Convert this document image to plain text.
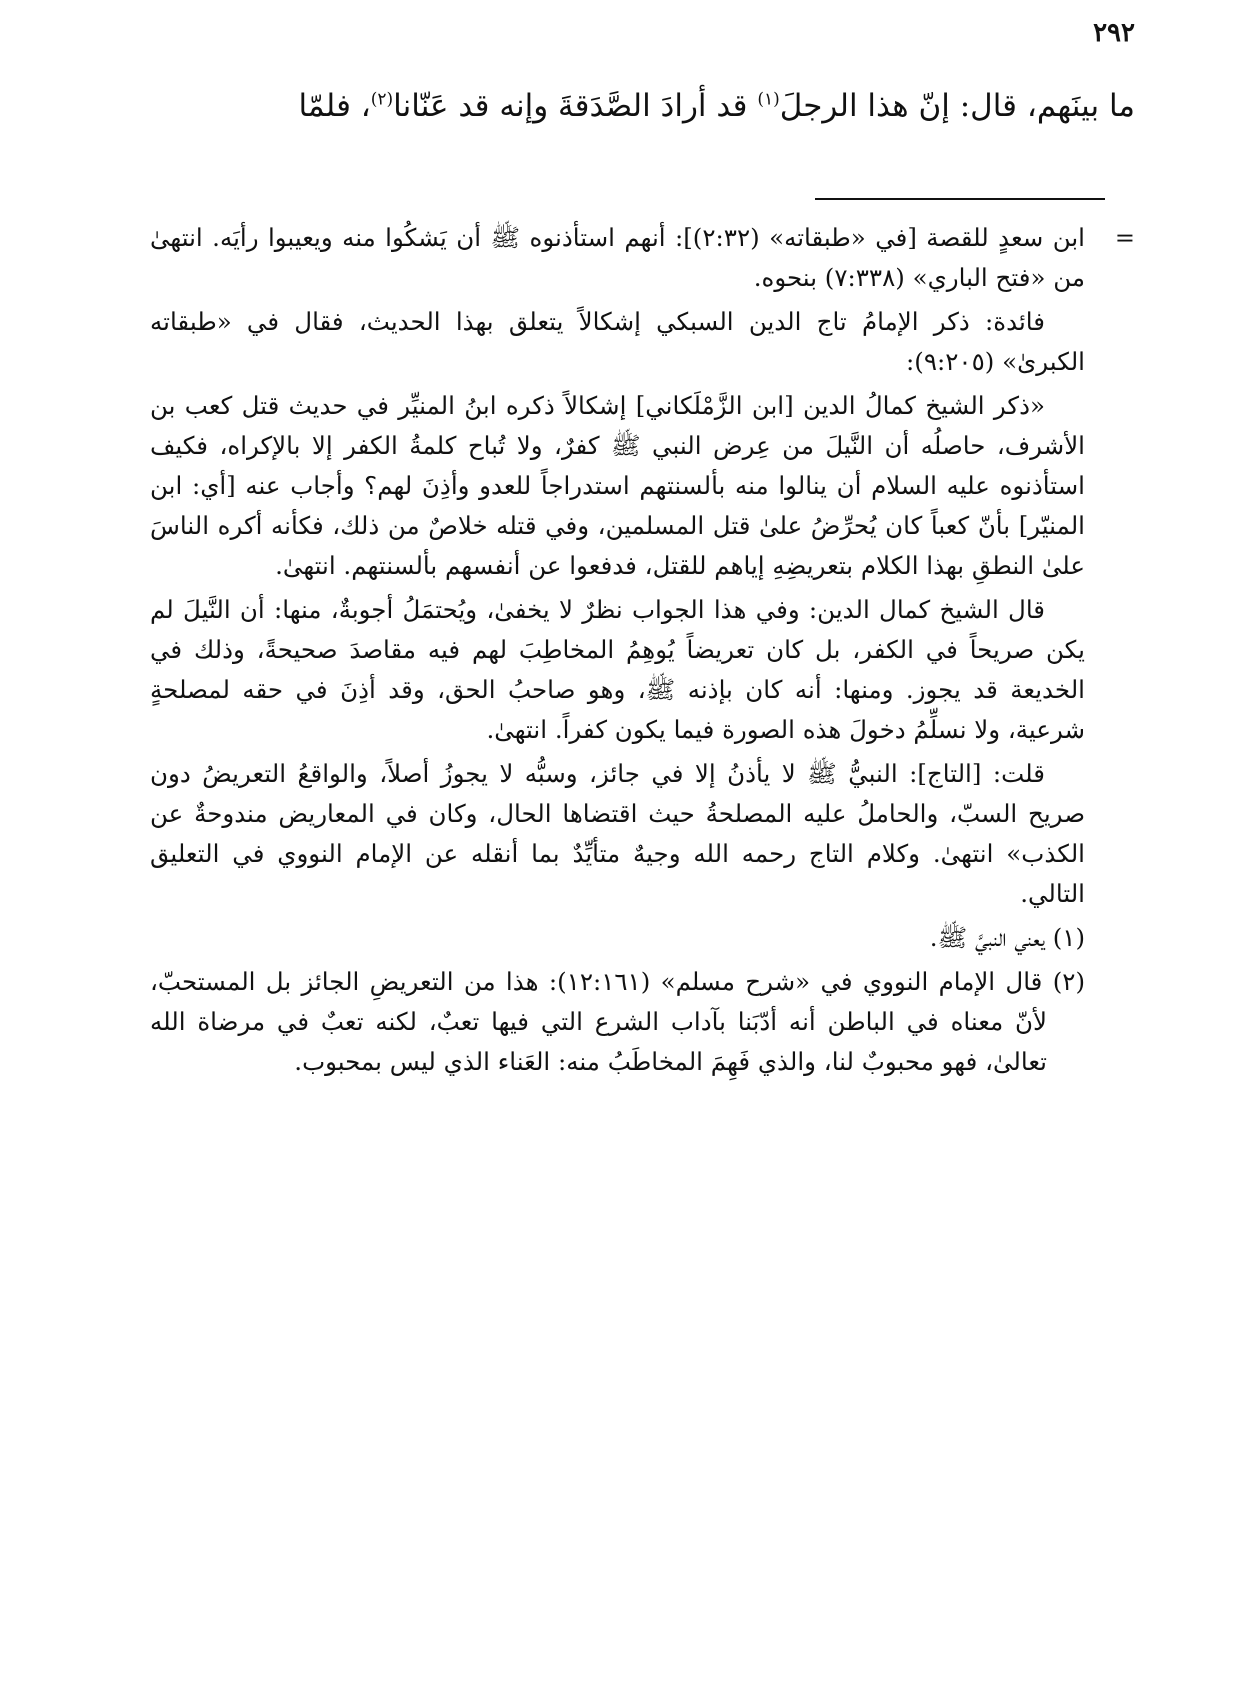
٢٩٢
ما بينَهم، قال: إنّ هذا الرجلَ$^{(١)}$ قد أرادَ الصَّدَقةَ وإنه قد عَنّانا$^{(٢)}$، فلمّا
=

ابن سعدٍ للقصة [في «طبقاته» (٢:٣٢)]: أنهم استأذنوه ﷺ أن يَشكُوا منه ويعيبوا رأيَه. انتهىٰ من «فتح الباري» (٧:٣٣٨) بنحوه.

فائدة: ذكر الإمامُ تاج الدين السبكي إشكالاً يتعلق بهذا الحديث، فقال في «طبقاته الكبرىٰ» (٩:٢٠٥):

«ذكر الشيخ كمالُ الدين [ابن الزَّمْلَكاني] إشكالاً ذكره ابنُ المنيِّر في حديث قتل كعب بن الأشرف، حاصلُه أن النَّيلَ من عِرض النبي ﷺ كفرٌ، ولا تُباح كلمةُ الكفر إلا بالإكراه، فكيف استأذنوه عليه السلام أن ينالوا منه بألسنتهم استدراجاً للعدو وأذِنَ لهم؟ وأجاب عنه [أي: ابن المنيّر] بأنّ كعباً كان يُحرِّضُ علىٰ قتل المسلمين، وفي قتله خلاصٌ من ذلك، فكأنه أكره الناسَ علىٰ النطقِ بهذا الكلام بتعريضِهِ إياهم للقتل، فدفعوا عن أنفسهم بألسنتهم. انتهىٰ.

قال الشيخ كمال الدين: وفي هذا الجواب نظرٌ لا يخفىٰ، ويُحتمَلُ أجوبةٌ، منها: أن النَّيلَ لم يكن صريحاً في الكفر، بل كان تعريضاً يُوهِمُ المخاطِبَ لهم فيه مقاصدَ صحيحةً، وذلك في الخديعة قد يجوز. ومنها: أنه كان بإذنه ﷺ، وهو صاحبُ الحق، وقد أذِنَ في حقه لمصلحةٍ شرعية، ولا نسلِّمُ دخولَ هذه الصورة فيما يكون كفراً. انتهىٰ.

قلت: [التاج]: النبيُّ ﷺ لا يأذنُ إلا في جائز، وسبُّه لا يجوزُ أصلاً، والواقعُ التعريضُ دون صريح السبّ، والحاملُ عليه المصلحةُ حيث اقتضاها الحال، وكان في المعاريض مندوحةٌ عن الكذب» انتهىٰ. وكلام التاج رحمه الله وجيهٌ متأيِّدٌ بما أنقله عن الإمام النووي في التعليق التالي.

(١) يعني النبيَّ ﷺ.

(٢) قال الإمام النووي في «شرح مسلم» (١٢:١٦١): هذا من التعريضِ الجائز بل المستحبّ، لأنّ معناه في الباطن أنه أدّبَنا بآداب الشرع التي فيها تعبٌ، لكنه تعبٌ في مرضاة الله تعالىٰ، فهو محبوبٌ لنا، والذي فَهِمَ المخاطَبُ منه: العَناء الذي ليس بمحبوب.
